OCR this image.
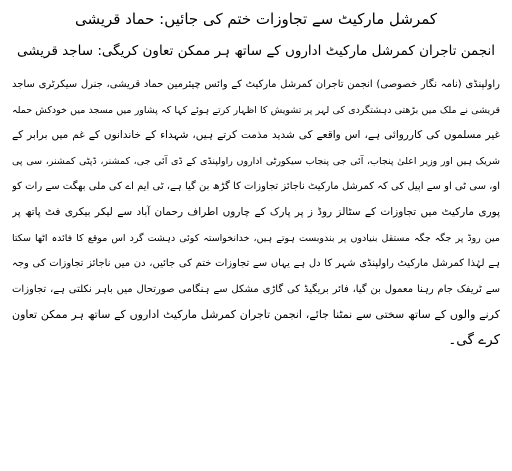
کمرشل مارکیٹ سے تجاوزات ختم کی جائیں: حماد قریشی

انجمن تاجران کمرشل مارکیٹ اداروں کے ساتھ ہر ممکن تعاون کریگی: ساجد قریشی

راولپنڈی (نامہ نگار خصوصی) انجمن تاجران کمرشل مارکیٹ کے وائس چیئرمین حماد قریشی، جنرل سیکرٹری ساجد
قریشی نے ملک میں بڑھتی دہشتگردی کی لہر پر تشویش کا اظہار کرتے ہوئے کہا کہ پشاور میں مسجد میں خودکش حملہ
غیر مسلموں کی کارروائی ہے، اس واقعے کی شدید مذمت کرتے ہیں، شہداء کے خاندانوں کے غم میں برابر کے
شریک ہیں اور وزیر اعلیٰ پنجاب، آئی جی پنجاب سیکورٹی اداروں راولپنڈی کے ڈی آئی جی، کمشنر، ڈپٹی کمشنر، سی پی
او، سی ٹی او سے اپیل کی کہ کمرشل مارکیٹ ناجائز تجاوزات کا گڑھ بن گیا ہے، ٹی ایم اے کی ملی بھگت سے رات کو
پوری مارکیٹ میں تجاوزات کے سٹالز روڈ ز پر پارک کے چاروں اطراف رحمان آباد سے لیکر بیکری فٹ پاتھ پر
مین روڈ پر جگہ جگہ مستقل بنیادوں پر بندوبست ہوتے ہیں، خدانخواستہ کوئی دہشت گرد اس موقع کا فائدہ اٹھا سکتا
ہے لہٰذا کمرشل مارکیٹ راولپنڈی شہر کا دل ہے یہاں سے تجاوزات ختم کی جائیں، دن میں ناجائز تجاوزات کی وجہ
سے ٹریفک جام رہنا معمول بن گیا، فائر بریگیڈ کی گاڑی مشکل سے ہنگامی صورتحال میں باہر نکلتی ہے، تجاوزات
کرنے والوں کے ساتھ سختی سے نمٹنا جائے، انجمن تاجران کمرشل مارکیٹ اداروں کے ساتھ ہر ممکن تعاون
کرے گی۔
